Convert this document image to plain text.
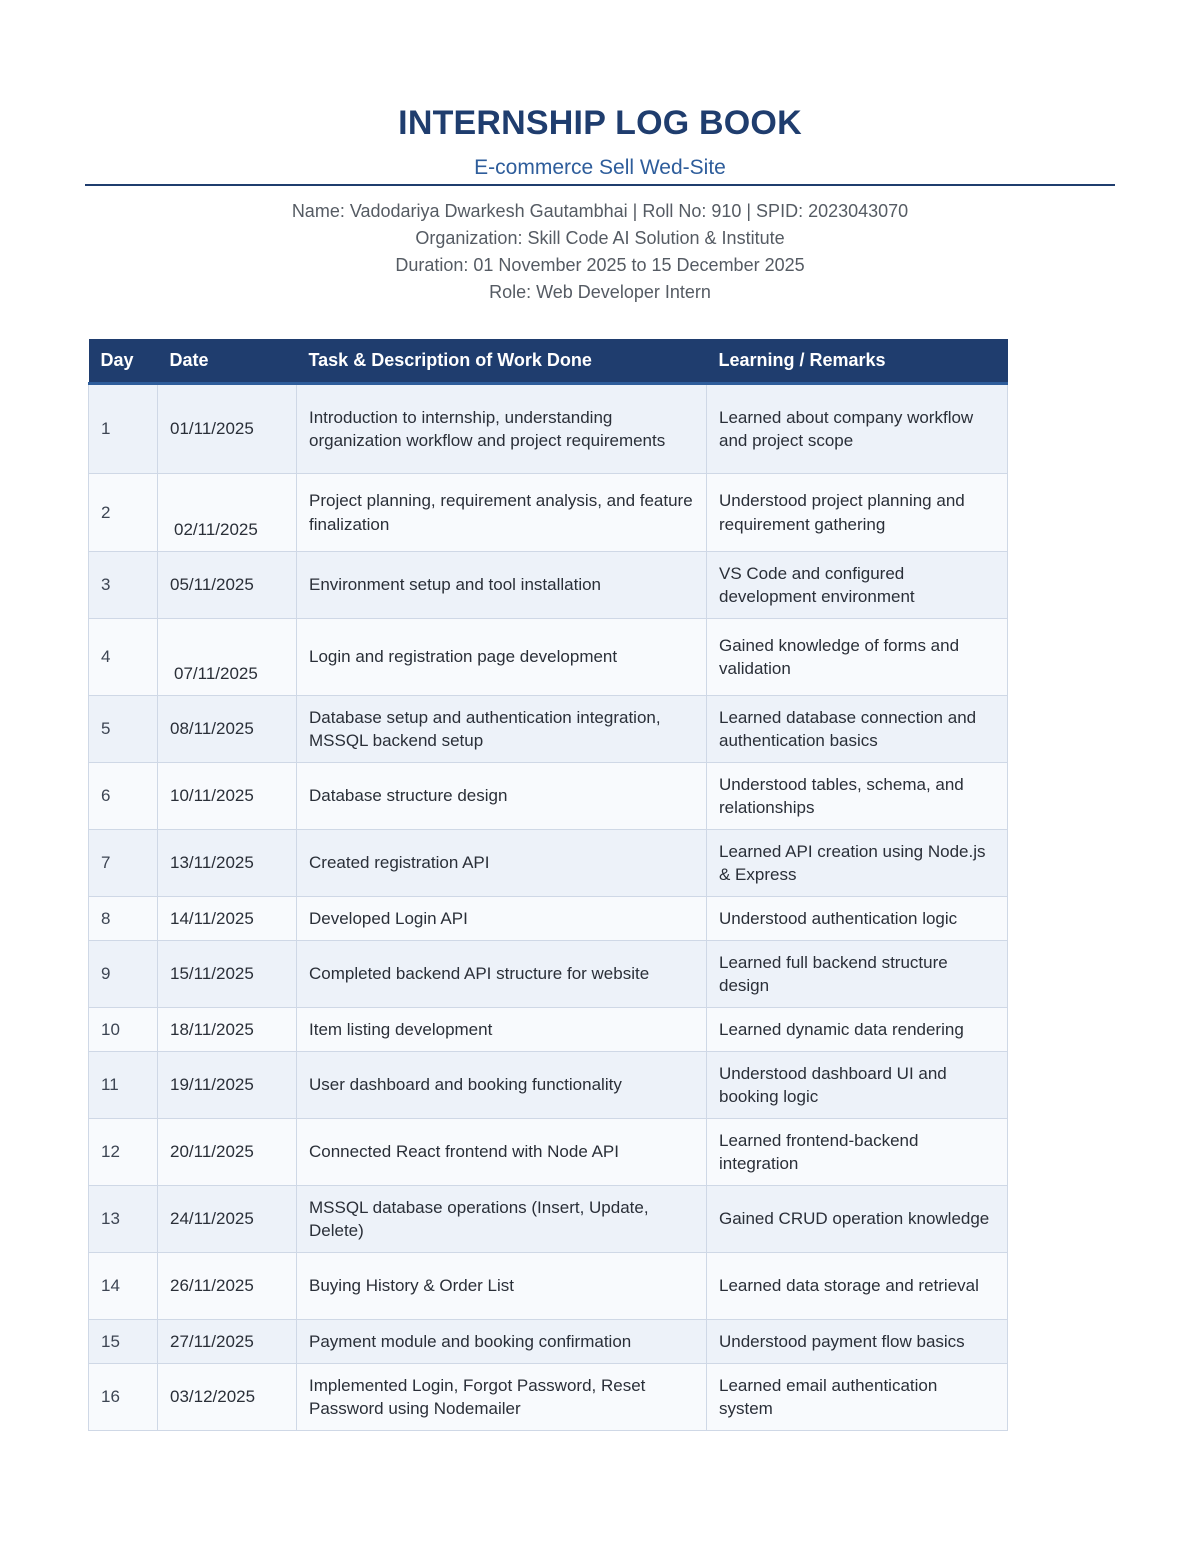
INTERNSHIP LOG BOOK
E-commerce Sell Wed-Site
Name: Vadodariya Dwarkesh Gautambhai | Roll No: 910 | SPID: 2023043070
Organization: Skill Code AI Solution & Institute
Duration: 01 November 2025 to 15 December 2025
Role: Web Developer Intern
Day	Date	Task & Description of Work Done	Learning / Remarks
1	01/11/2025	Introduction to internship, understanding organization workflow and project requirements	Learned about company workflow and project scope
2	02/11/2025	Project planning, requirement analysis, and feature finalization	Understood project planning and requirement gathering
3	05/11/2025	Environment setup and tool installation	VS Code and configured development environment
4	07/11/2025	Login and registration page development	Gained knowledge of forms and validation
5	08/11/2025	Database setup and authentication integration, MSSQL backend setup	Learned database connection and authentication basics
6	10/11/2025	Database structure design	Understood tables, schema, and relationships
7	13/11/2025	Created registration API	Learned API creation using Node.js & Express
8	14/11/2025	Developed Login API	Understood authentication logic
9	15/11/2025	Completed backend API structure for website	Learned full backend structure design
10	18/11/2025	Item listing development	Learned dynamic data rendering
11	19/11/2025	User dashboard and booking functionality	Understood dashboard UI and booking logic
12	20/11/2025	Connected React frontend with Node API	Learned frontend-backend integration
13	24/11/2025	MSSQL database operations (Insert, Update, Delete)	Gained CRUD operation knowledge
14	26/11/2025	Buying History & Order List	Learned data storage and retrieval
15	27/11/2025	Payment module and booking confirmation	Understood payment flow basics
16	03/12/2025	Implemented Login, Forgot Password, Reset Password using Nodemailer	Learned email authentication system
